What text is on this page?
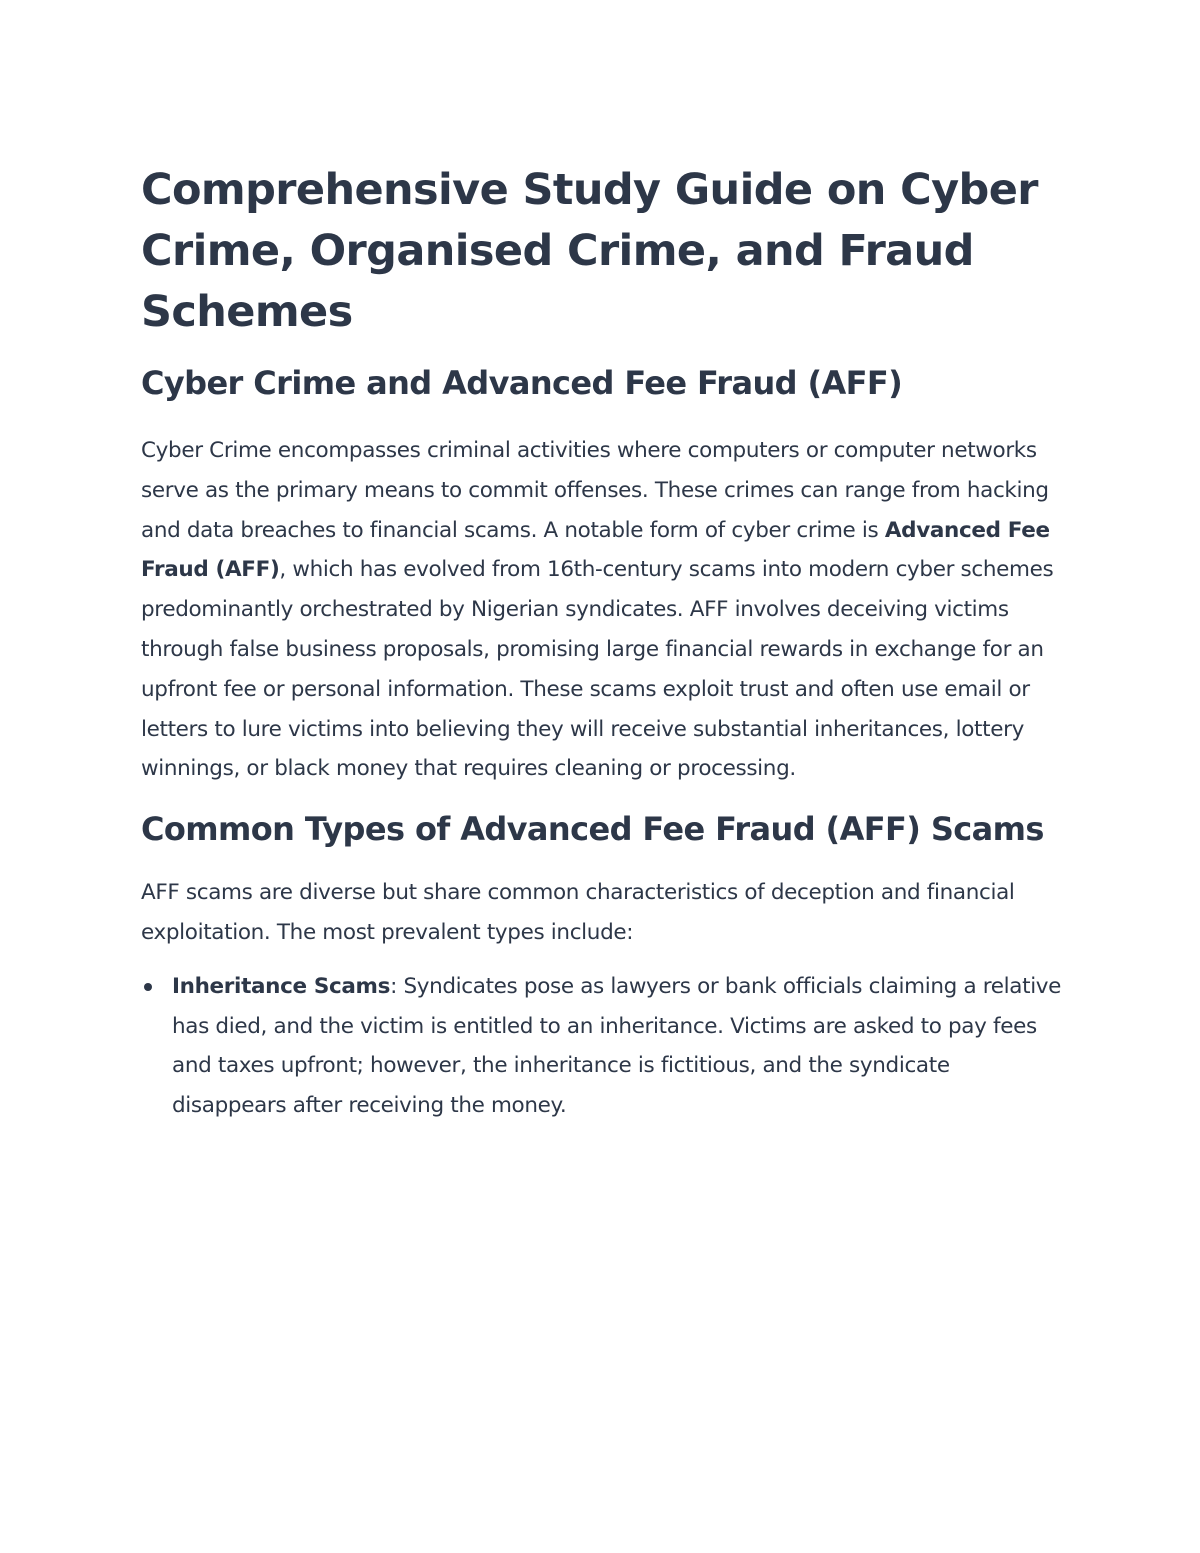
Comprehensive Study Guide on Cyber Crime, Organised Crime, and Fraud Schemes
Cyber Crime and Advanced Fee Fraud (AFF)

Cyber Crime encompasses criminal activities where computers or computer networks serve as the primary means to commit offenses. These crimes can range from hacking and data breaches to financial scams. A notable form of cyber crime is Advanced Fee Fraud (AFF), which has evolved from 16th-century scams into modern cyber schemes predominantly orchestrated by Nigerian syndicates. AFF involves deceiving victims through false business proposals, promising large financial rewards in exchange for an upfront fee or personal information. These scams exploit trust and often use email or letters to lure victims into believing they will receive substantial inheritances, lottery winnings, or black money that requires cleaning or processing.

Common Types of Advanced Fee Fraud (AFF) Scams

AFF scams are diverse but share common characteristics of deception and financial exploitation. The most prevalent types include:

Inheritance Scams: Syndicates pose as lawyers or bank officials claiming a relative has died, and the victim is entitled to an inheritance. Victims are asked to pay fees and taxes upfront; however, the inheritance is fictitious, and the syndicate disappears after receiving the money.
